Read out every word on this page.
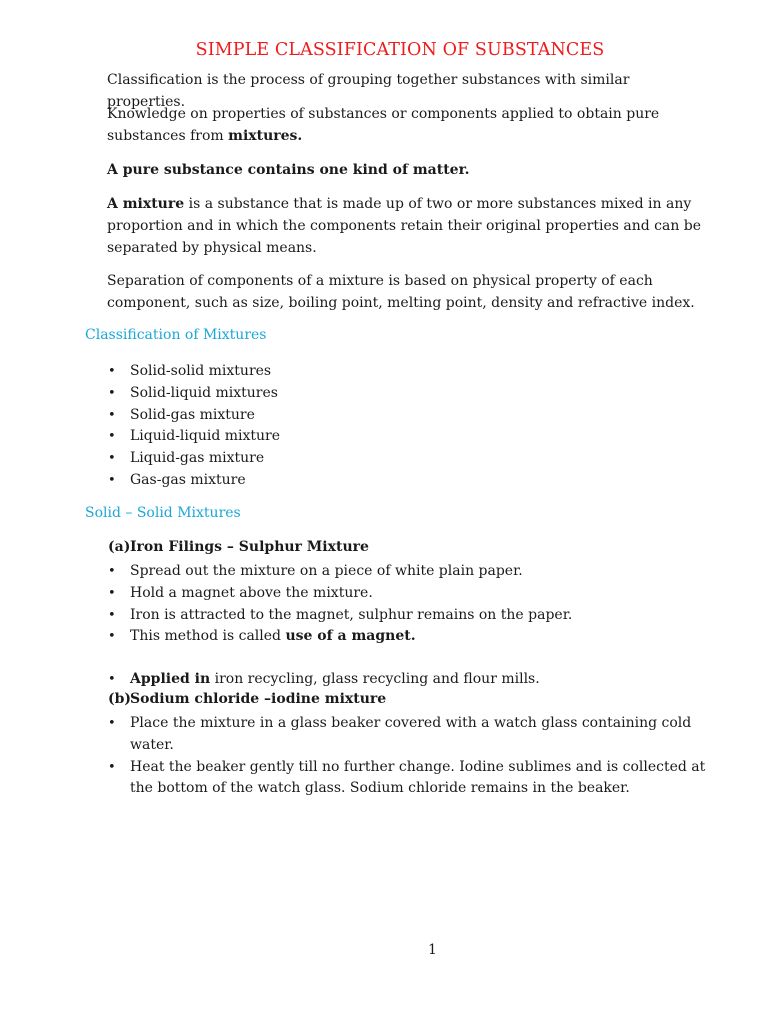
SIMPLE CLASSIFICATION OF SUBSTANCES

Classification is the process of grouping together substances with similar properties.

Knowledge on properties of substances or components applied to obtain pure substances from mixtures.

A pure substance contains one kind of matter.

A mixture is a substance that is made up of two or more substances mixed in any proportion and in which the components retain their original properties and can be separated by physical means.

Separation of components of a mixture is based on physical property of each component, such as size, boiling point, melting point, density and refractive index.

Classification of Mixtures
• Solid-solid mixtures
• Solid-liquid mixtures
• Solid-gas mixture
• Liquid-liquid mixture
• Liquid-gas mixture
• Gas-gas mixture
Solid – Solid Mixtures

(a)Iron Filings – Sulphur Mixture

• Spread out the mixture on a piece of white plain paper.
• Hold a magnet above the mixture.
• Iron is attracted to the magnet, sulphur remains on the paper.
• This method is called use of a magnet.
• Applied in iron recycling, glass recycling and flour mills.

(b)Sodium chloride –iodine mixture

• Place the mixture in a glass beaker covered with a watch glass containing cold water.
• Heat the beaker gently till no further change. Iodine sublimes and is collected at the bottom of the watch glass. Sodium chloride remains in the beaker.
1
